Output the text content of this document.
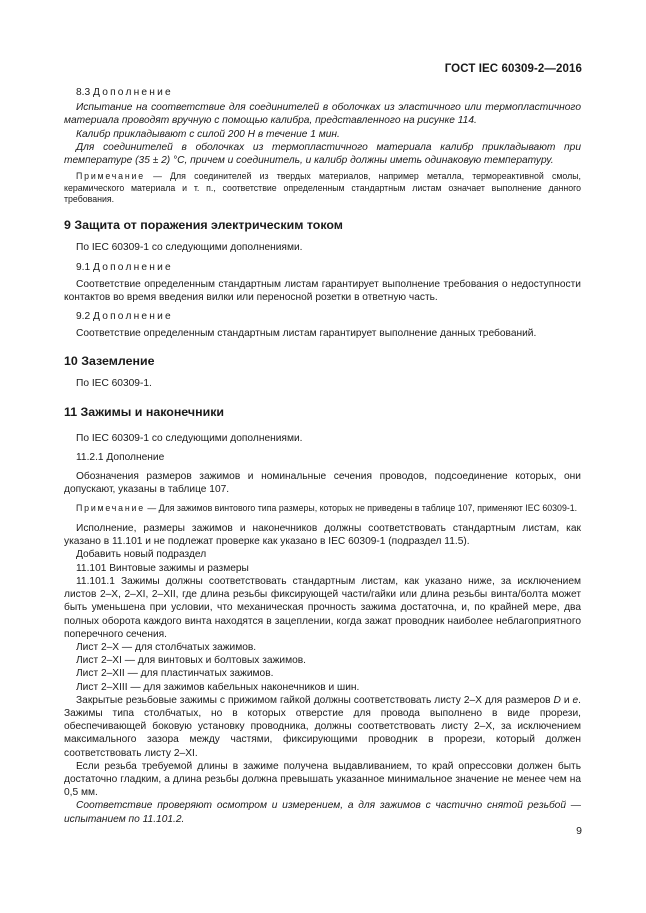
ГОСТ IEC 60309-2—2016

8.3 Дополнение

Испытание на соответствие для соединителей в оболочках из эластичного или термопластичного материала проводят вручную с помощью калибра, представленного на рисунке 114.

Калибр прикладывают с силой 200 Н в течение 1 мин.

Для соединителей в оболочках из термопластичного материала калибр прикладывают при температуре (35 ± 2) °С, причем и соединитель, и калибр должны иметь одинаковую температуру.

Примечание — Для соединителей из твердых материалов, например металла, термореактивной смолы, керамического материала и т. п., соответствие определенным стандартным листам означает выполнение данного требования.

9 Защита от поражения электрическим током

По IEC 60309-1 со следующими дополнениями.

9.1 Дополнение

Соответствие определенным стандартным листам гарантирует выполнение требования о недоступности контактов во время введения вилки или переносной розетки в ответную часть.

9.2 Дополнение

Соответствие определенным стандартным листам гарантирует выполнение данных требований.

10 Заземление

По IEC 60309-1.

11 Зажимы и наконечники

По IEC 60309-1 со следующими дополнениями.

11.2.1 Дополнение

Обозначения размеров зажимов и номинальные сечения проводов, подсоединение которых, они допускают, указаны в таблице 107.

Примечание — Для зажимов винтового типа размеры, которых не приведены в таблице 107, применяют IEC 60309-1.

Исполнение, размеры зажимов и наконечников должны соответствовать стандартным листам, как указано в 11.101 и не подлежат проверке как указано в IEC 60309-1 (подраздел 11.5).

Добавить новый подраздел

11.101 Винтовые зажимы и размеры

11.101.1 Зажимы должны соответствовать стандартным листам, как указано ниже, за исключением листов 2–X, 2–XI, 2–XII, где длина резьбы фиксирующей части/гайки или длина резьбы винта/болта может быть уменьшена при условии, что механическая прочность зажима достаточна, и, по крайней мере, два полных оборота каждого винта находятся в зацеплении, когда зажат проводник наиболее неблагоприятного поперечного сечения.

Лист 2–X — для столбчатых зажимов.

Лист 2–XI — для винтовых и болтовых зажимов.

Лист 2–XII — для пластинчатых зажимов.

Лист 2–XIII — для зажимов кабельных наконечников и шин.

Закрытые резьбовые зажимы с прижимом гайкой должны соответствовать листу 2–X для размеров D и е. Зажимы типа столбчатых, но в которых отверстие для провода выполнено в виде прорези, обеспечивающей боковую установку проводника, должны соответствовать листу 2–X, за исключением максимального зазора между частями, фиксирующими проводник в прорези, который должен соответствовать листу 2–XI.

Если резьба требуемой длины в зажиме получена выдавливанием, то край опрессовки должен быть достаточно гладким, а длина резьбы должна превышать указанное минимальное значение не менее чем на 0,5 мм.

Соответствие проверяют осмотром и измерением, а для зажимов с частично снятой резьбой — испытанием по 11.101.2.

9
